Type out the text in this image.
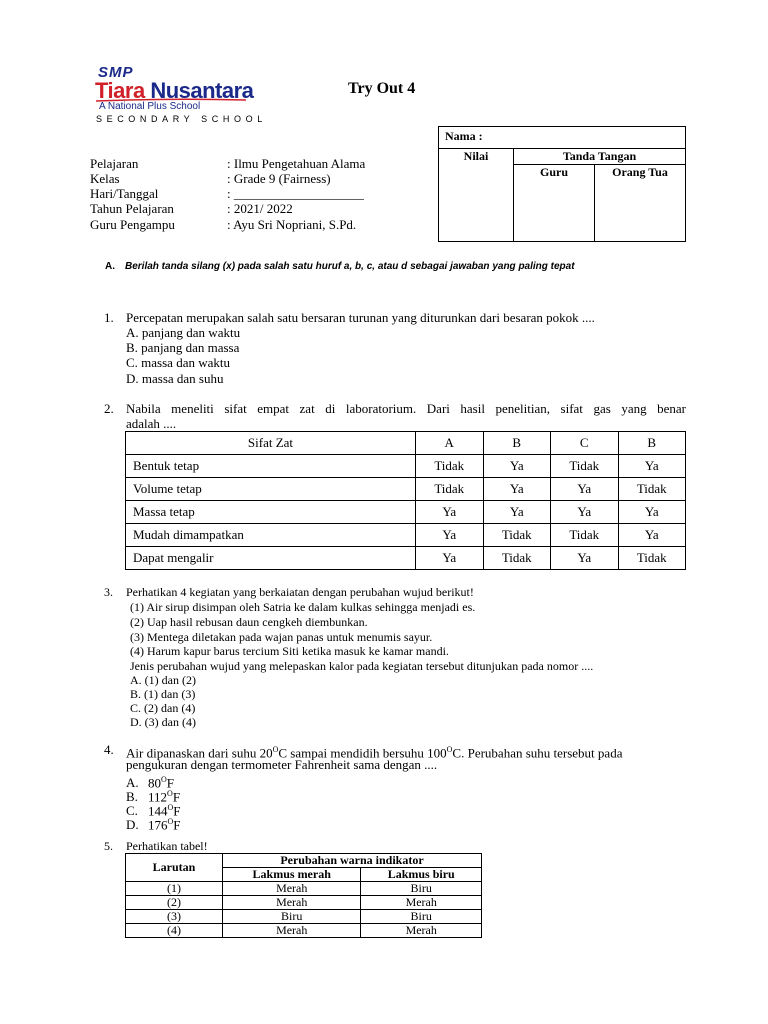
SMP
Tiara Nusantara
A National Plus School
SECONDARY SCHOOL
Try Out 4
Pelajaran	: Ilmu Pengetahuan Alama
Kelas	: Grade 9 (Fairness)
Hari/Tanggal	: ____________________
Tahun Pelajaran	: 2021/ 2022
Guru Pengampu	: Ayu Sri Nopriani, S.Pd.
Nama :		
Nilai	Tanda Tangan	
	Guru	Orang Tua
A.	Berilah tanda silang (x) pada salah satu huruf a, b, c, atau d sebagai jawaban yang paling tepat
1. Percepatan merupakan salah satu bersaran turunan yang diturunkan dari besaran pokok ....
A. panjang dan waktu
B. panjang dan massa
C. massa dan waktu
D. massa dan suhu
2. Nabila meneliti sifat empat zat di laboratorium. Dari hasil penelitian, sifat gas yang benar
adalah ....
Sifat Zat	A	B	C	B
Bentuk tetap	Tidak	Ya	Tidak	Ya
Volume tetap	Tidak	Ya	Ya	Tidak
Massa tetap	Ya	Ya	Ya	Ya
Mudah dimampatkan	Ya	Tidak	Tidak	Ya
Dapat mengalir	Ya	Tidak	Ya	Tidak
3. Perhatikan 4 kegiatan yang berkaiatan dengan perubahan wujud berikut!
(1) Air sirup disimpan oleh Satria ke dalam kulkas sehingga menjadi es.
(2) Uap hasil rebusan daun cengkeh diembunkan.
(3) Mentega diletakan pada wajan panas untuk menumis sayur.
(4) Harum kapur barus tercium Siti ketika masuk ke kamar mandi.
Jenis perubahan wujud yang melepaskan kalor pada kegiatan tersebut ditunjukan pada nomor ....
A. (1) dan (2)
B. (1) dan (3)
C. (2) dan (4)
D. (3) dan (4)
4. Air dipanaskan dari suhu $20^OC$ sampai mendidih bersuhu $100^OC$. Perubahan suhu tersebut pada
pengukuran dengan termometer Fahrenheit sama dengan ....
A. $80^OF$
B. $112^OF$
C. $144^OF$
D. $176^OF$
5. Perhatikan tabel!
Larutan	Perubahan warna indikator	
	Lakmus merah	Lakmus biru
(1)	Merah	Biru
(2)	Merah	Merah
(3)	Biru	Biru
(4)	Merah	Merah
